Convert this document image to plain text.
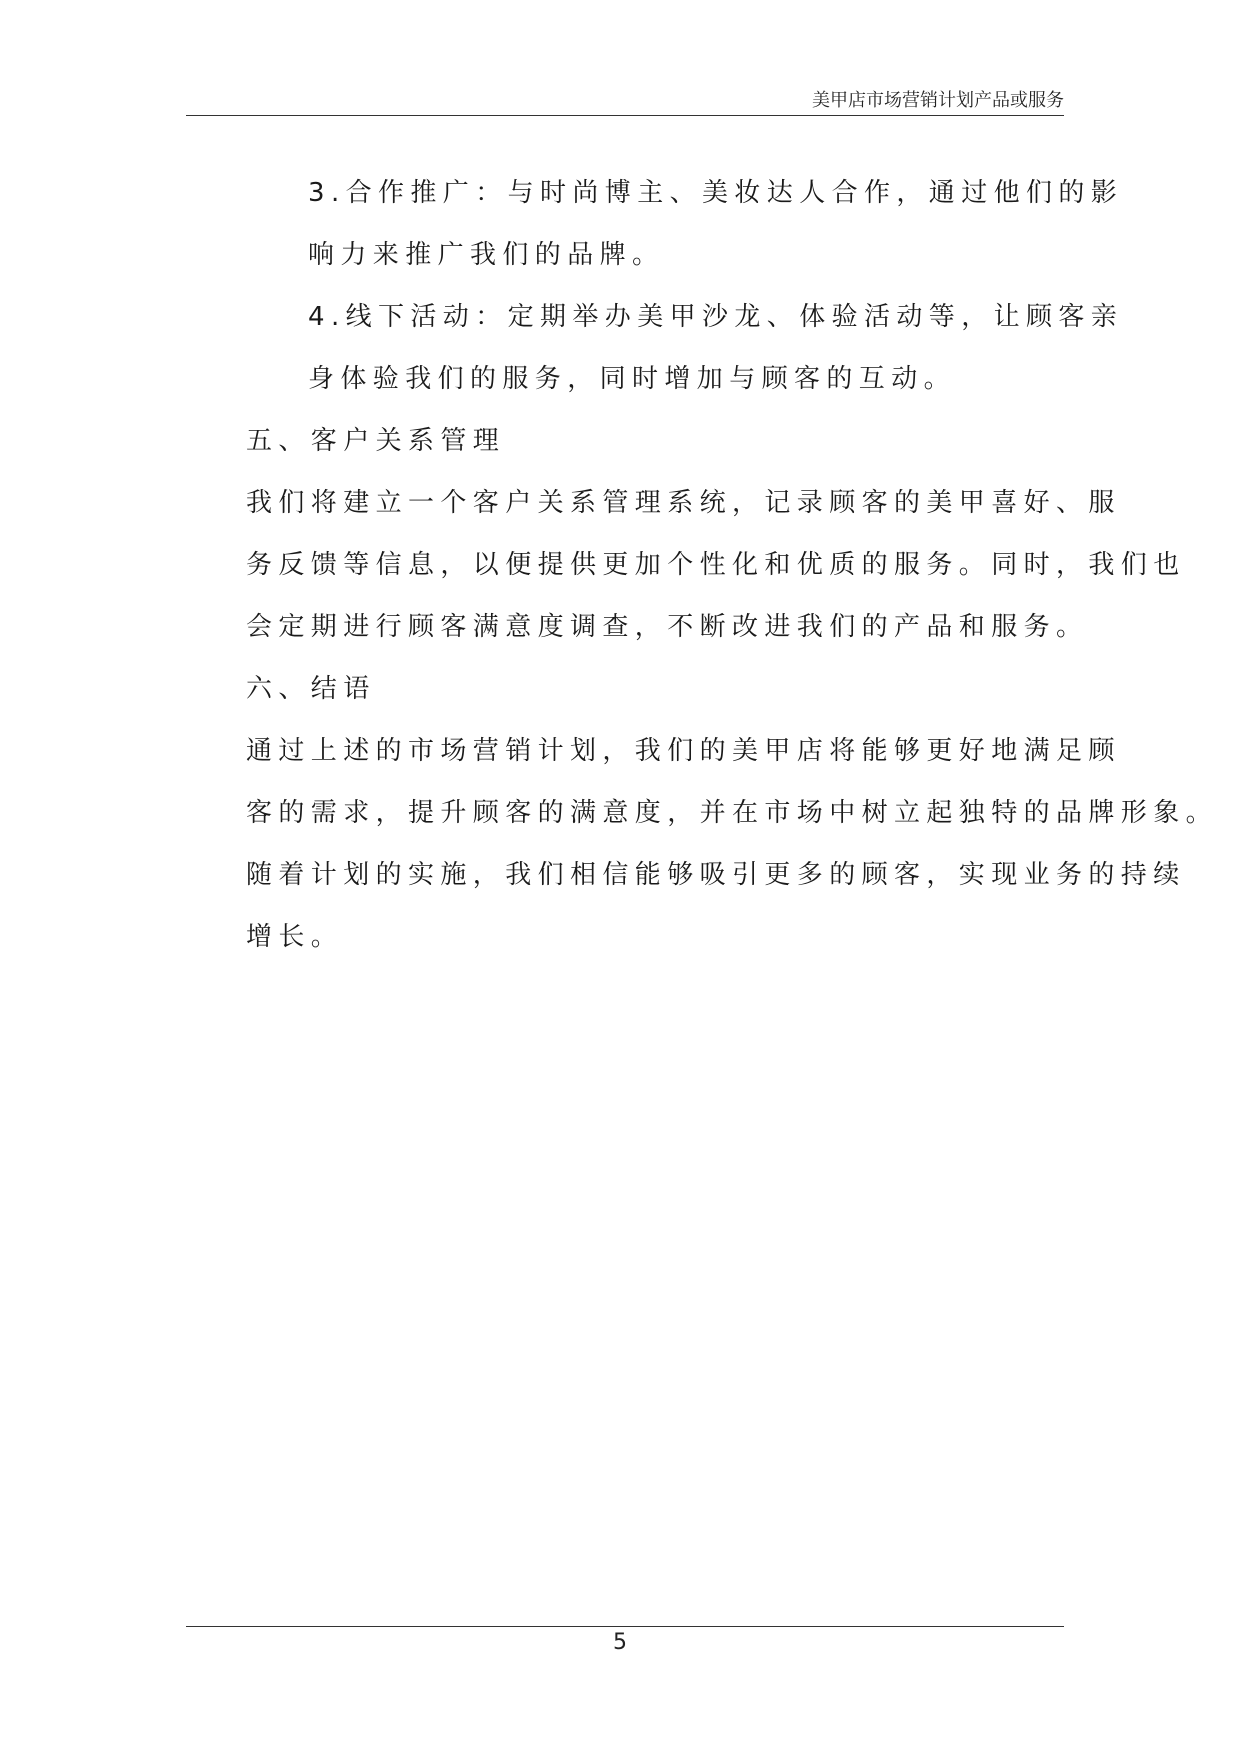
美甲店市场营销计划产品或服务

3.合作推广：与时尚博主、美妆达人合作，通过他们的影
响力来推广我们的品牌。

4.线下活动：定期举办美甲沙龙、体验活动等，让顾客亲
身体验我们的服务，同时增加与顾客的互动。

五、客户关系管理

我们将建立一个客户关系管理系统，记录顾客的美甲喜好、服
务反馈等信息，以便提供更加个性化和优质的服务。同时，我们也
会定期进行顾客满意度调查，不断改进我们的产品和服务。

六、结语

通过上述的市场营销计划，我们的美甲店将能够更好地满足顾
客的需求，提升顾客的满意度，并在市场中树立起独特的品牌形象。
随着计划的实施，我们相信能够吸引更多的顾客，实现业务的持续
增长。

5
